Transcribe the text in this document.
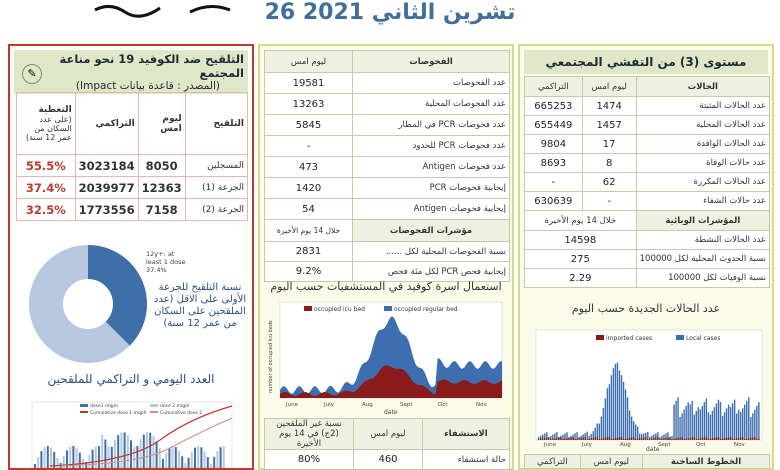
26 تشرين الثاني 2021
التلقيح ضد الكوفيد 19 نحو مناعة المجتمع
(المصدر : قاعدة بيانات Impact)
✎
التلقيح	ليوم امس	التراكمي	التغطية
(على عدد السكان من عمر 12 سنة)

المسجلين	8050	3023184	55.5%
الجرعة (1)	12363	2039977	37.4%
الجرعة (2)	7158	1773556	32.5%
12y+: at least 1 dose 37.4%
نسبة التلقيح للجرعة الأولى على الاقل (عدد الملقحين على السكان من عمر 12 سنة)
العدد اليومي و التراكمي للملقحين
dose1 mqph	dose 2 mqph
Cumulative dose 1 mqph	Cumulative dose 2
الفحوصات	ليوم امس
عدد الفحوصات	19581
عدد الفحوصات المحلية	13263
عدد فحوصات PCR في المطار	5845
عدد فحوصات PCR للحدود	-
عدد فحوصات Antigen	473
إيجابية فحوصات PCR	1420
إيجابية فحوصات Antigen	54
مؤشرات الفحوصات	خلال 14 يوم الأخيرة
نسبة الفحوصات المحلية لكل ......	2831
إيجابية فحص PCR لكل مئة فحص	9.2%
استعمال اسرة كوفيد في المستشفيات حسب اليوم
number of occupied Icu beds
occupied icu bed	occupied regular bed
June	July	Aug	Sept	Oct	Nov
date
الاستشفاء	ليوم امس	نسبة غير الملقحين (2ج) في 14 يوم الأخيرة
حالة استشفاء	460	80%
مستوى (3) من التفشي المجتمعي
الحالات	ليوم امس	التراكمي
عدد الحالات المثبتة	1474	665253
عدد الحالات المحلية	1457	655449
عدد الحالات الوافدة	17	9804
عدد حالات الوفاة	8	8693
عدد الحالات المكررة	62	-
عدد حالات الشفاء	-	630639
المؤشرات الوبائية	خلال 14 يوم الأخيرة	
عدد الحالات النشطة	14598	
نسبة الحدوث المحلية لكل 100000	275	
نسبة الوفيات لكل 100000	2.29	
عدد الحالات الجديدة حسب اليوم
imported cases	Local cases
June	July	Aug	Sept	Oct	Nov
date
الخطوط الساخنة	ليوم امس	التراكمي
